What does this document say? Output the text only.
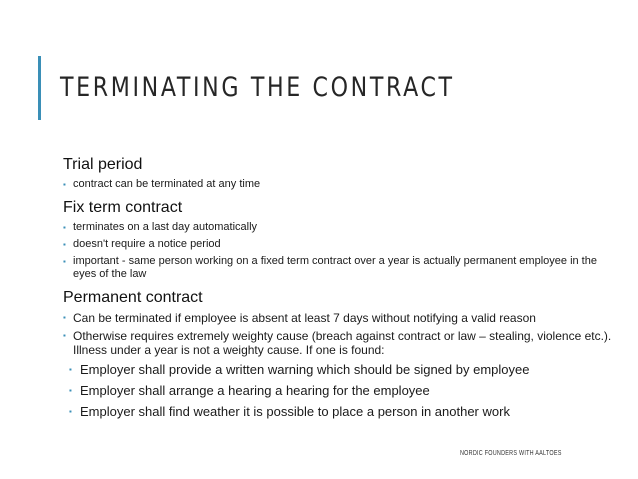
TERMINATING THE CONTRACT
Trial period
▪ contract can be terminated at any time
Fix term contract
▪ terminates on a last day automatically
▪ doesn't require a notice period
▪ important - same person working on a fixed term contract over a year is actually permanent employee in the eyes of the law
Permanent contract
▪ Can be terminated if employee is absent at least 7 days without notifying a valid reason
▪ Otherwise requires extremely weighty cause (breach against contract or law – stealing, violence etc.). Illness under a year is not a weighty cause. If one is found:
▪ Employer shall provide a written warning which should be signed by employee
▪ Employer shall arrange a hearing a hearing for the employee
▪ Employer shall find weather it is possible to place a person in another work
NORDIC FOUNDERS WITH AALTOES
